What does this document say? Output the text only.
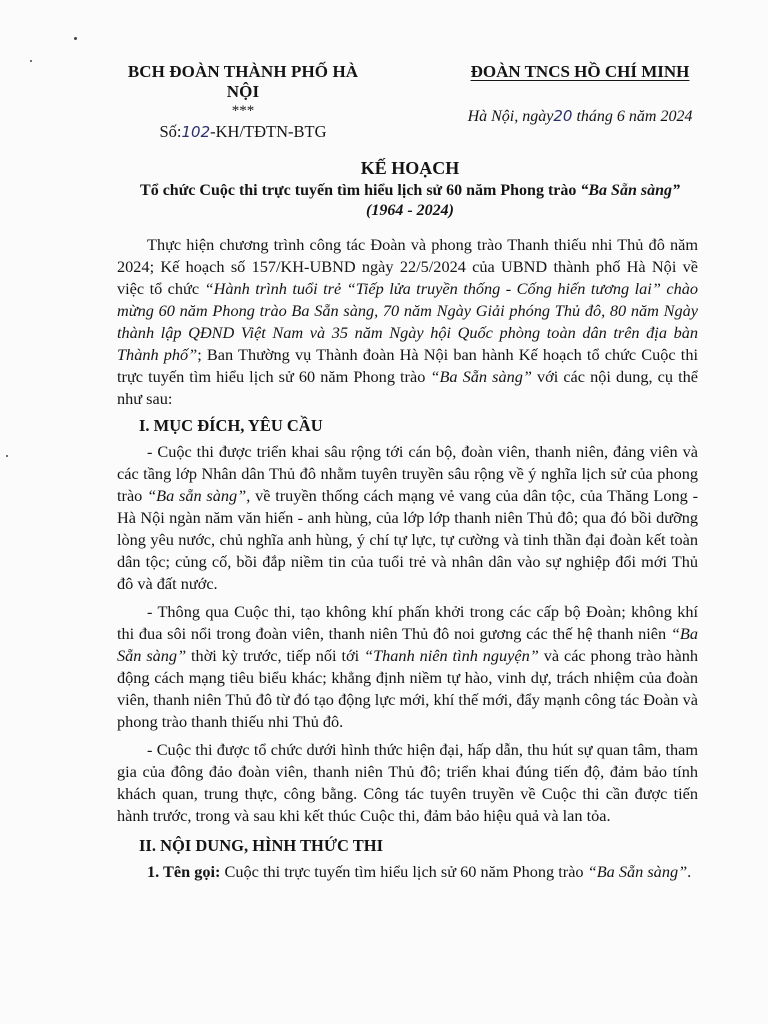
BCH ĐOÀN THÀNH PHỐ HÀ NỘI
***
Số:102-KH/TĐTN-BTG
ĐOÀN TNCS HỒ CHÍ MINH
Hà Nội, ngày20 tháng 6 năm 2024
KẾ HOẠCH
Tổ chức Cuộc thi trực tuyến tìm hiểu lịch sử 60 năm Phong trào “Ba Sẵn sàng”
(1964 - 2024)

Thực hiện chương trình công tác Đoàn và phong trào Thanh thiếu nhi Thủ đô năm 2024; Kế hoạch số 157/KH-UBND ngày 22/5/2024 của UBND thành phố Hà Nội về việc tổ chức “Hành trình tuổi trẻ “Tiếp lửa truyền thống - Cống hiến tương lai” chào mừng 60 năm Phong trào Ba Sẵn sàng, 70 năm Ngày Giải phóng Thủ đô, 80 năm Ngày thành lập QĐND Việt Nam và 35 năm Ngày hội Quốc phòng toàn dân trên địa bàn Thành phố”; Ban Thường vụ Thành đoàn Hà Nội ban hành Kế hoạch tổ chức Cuộc thi trực tuyến tìm hiểu lịch sử 60 năm Phong trào “Ba Sẵn sàng” với các nội dung, cụ thể như sau:

I. MỤC ĐÍCH, YÊU CẦU

- Cuộc thi được triển khai sâu rộng tới cán bộ, đoàn viên, thanh niên, đảng viên và các tầng lớp Nhân dân Thủ đô nhằm tuyên truyền sâu rộng về ý nghĩa lịch sử của phong trào “Ba sẵn sàng”, về truyền thống cách mạng vẻ vang của dân tộc, của Thăng Long - Hà Nội ngàn năm văn hiến - anh hùng, của lớp lớp thanh niên Thủ đô; qua đó bồi dưỡng lòng yêu nước, chủ nghĩa anh hùng, ý chí tự lực, tự cường và tinh thần đại đoàn kết toàn dân tộc; củng cố, bồi đắp niềm tin của tuổi trẻ và nhân dân vào sự nghiệp đổi mới Thủ đô và đất nước.

- Thông qua Cuộc thi, tạo không khí phấn khởi trong các cấp bộ Đoàn; không khí thi đua sôi nổi trong đoàn viên, thanh niên Thủ đô noi gương các thế hệ thanh niên “Ba Sẵn sàng” thời kỳ trước, tiếp nối tới “Thanh niên tình nguyện” và các phong trào hành động cách mạng tiêu biểu khác; khẳng định niềm tự hào, vinh dự, trách nhiệm của đoàn viên, thanh niên Thủ đô từ đó tạo động lực mới, khí thế mới, đẩy mạnh công tác Đoàn và phong trào thanh thiếu nhi Thủ đô.

- Cuộc thi được tổ chức dưới hình thức hiện đại, hấp dẫn, thu hút sự quan tâm, tham gia của đông đảo đoàn viên, thanh niên Thủ đô; triển khai đúng tiến độ, đảm bảo tính khách quan, trung thực, công bằng. Công tác tuyên truyền về Cuộc thi cần được tiến hành trước, trong và sau khi kết thúc Cuộc thi, đảm bảo hiệu quả và lan tỏa.

II. NỘI DUNG, HÌNH THỨC THI

1. Tên gọi: Cuộc thi trực tuyến tìm hiểu lịch sử 60 năm Phong trào “Ba Sẵn sàng”.
